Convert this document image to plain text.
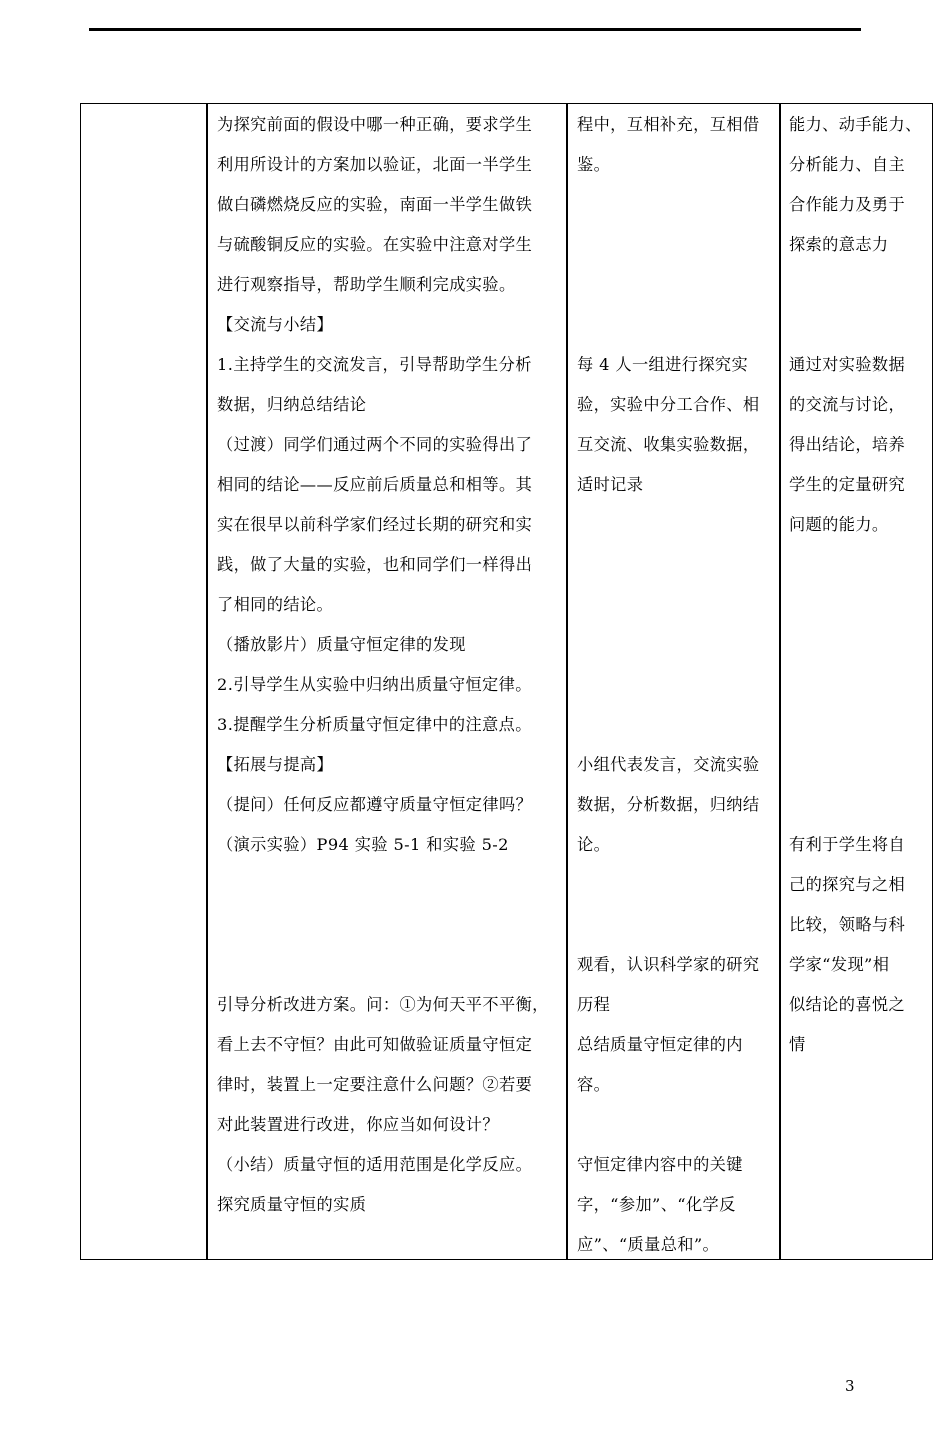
为探究前面的假设中哪一种正确，要求学生
利用所设计的方案加以验证，北面一半学生
做白磷燃烧反应的实验，南面一半学生做铁
与硫酸铜反应的实验。在实验中注意对学生
进行观察指导，帮助学生顺利完成实验。
【交流与小结】
1.主持学生的交流发言，引导帮助学生分析
数据，归纳总结结论
（过渡）同学们通过两个不同的实验得出了
相同的结论——反应前后质量总和相等。其
实在很早以前科学家们经过长期的研究和实
践，做了大量的实验，也和同学们一样得出
了相同的结论。
（播放影片）质量守恒定律的发现
2.引导学生从实验中归纳出质量守恒定律。
3.提醒学生分析质量守恒定律中的注意点。
【拓展与提高】
（提问）任何反应都遵守质量守恒定律吗？
（演示实验）P94 实验 5-1 和实验 5-2
引导分析改进方案。问：①为何天平不平衡，
看上去不守恒？由此可知做验证质量守恒定
律时，装置上一定要注意什么问题？②若要
对此装置进行改进，你应当如何设计？
（小结）质量守恒的适用范围是化学反应。
探究质量守恒的实质
程中，互相补充，互相借
鉴。
每 4 人一组进行探究实
验，实验中分工合作、相
互交流、收集实验数据，
适时记录
小组代表发言，交流实验
数据，分析数据，归纳结
论。
观看，认识科学家的研究
历程
总结质量守恒定律的内
容。
守恒定律内容中的关键
字，“参加”、“化学反
应”、“质量总和”。
能力、动手能力、
分析能力、自主
合作能力及勇于
探索的意志力
通过对实验数据
的交流与讨论，
得出结论，培养
学生的定量研究
问题的能力。
有利于学生将自
己的探究与之相
比较，领略与科
学家“发现”相
似结论的喜悦之
情
3
